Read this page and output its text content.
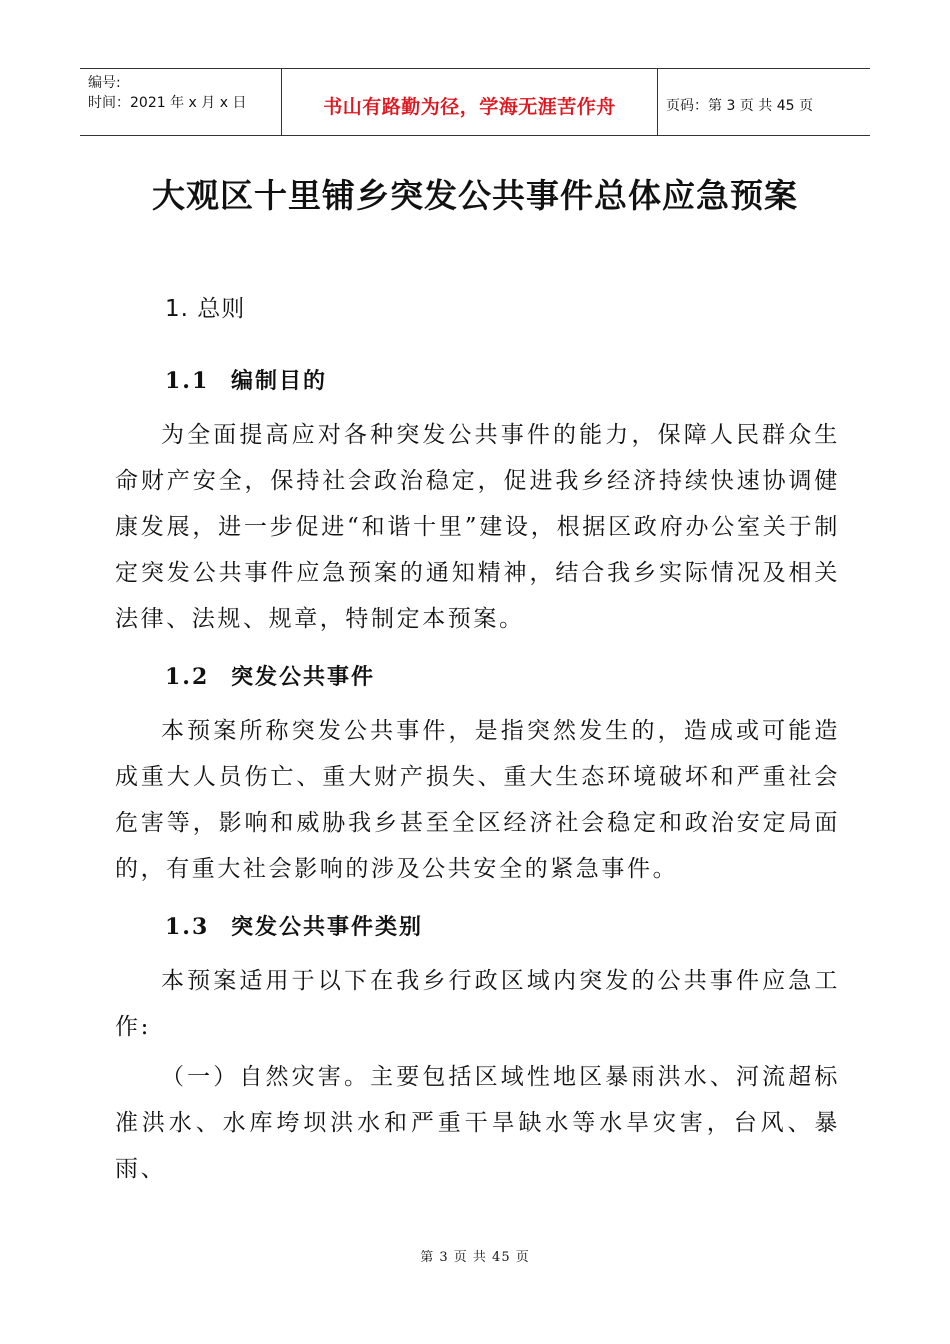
编号:
时间：2021 年 x 月 x 日	书山有路勤为径，学海无涯苦作舟	页码：第 3 页 共 45 页
大观区十里铺乡突发公共事件总体应急预案
1. 总则
1.1 编制目的

为全面提高应对各种突发公共事件的能力，保障人民群众生命财产安全，保持社会政治稳定，促进我乡经济持续快速协调健康发展，进一步促进“和谐十里”建设，根据区政府办公室关于制定突发公共事件应急预案的通知精神，结合我乡实际情况及相关法律、法规、规章，特制定本预案。

1.2 突发公共事件

本预案所称突发公共事件，是指突然发生的，造成或可能造成重大人员伤亡、重大财产损失、重大生态环境破坏和严重社会危害等，影响和威胁我乡甚至全区经济社会稳定和政治安定局面的，有重大社会影响的涉及公共安全的紧急事件。

1.3 突发公共事件类别

本预案适用于以下在我乡行政区域内突发的公共事件应急工作:

（一）自然灾害。主要包括区域性地区暴雨洪水、河流超标准洪水、水库垮坝洪水和严重干旱缺水等水旱灾害，台风、暴雨、

第 3 页 共 45 页
